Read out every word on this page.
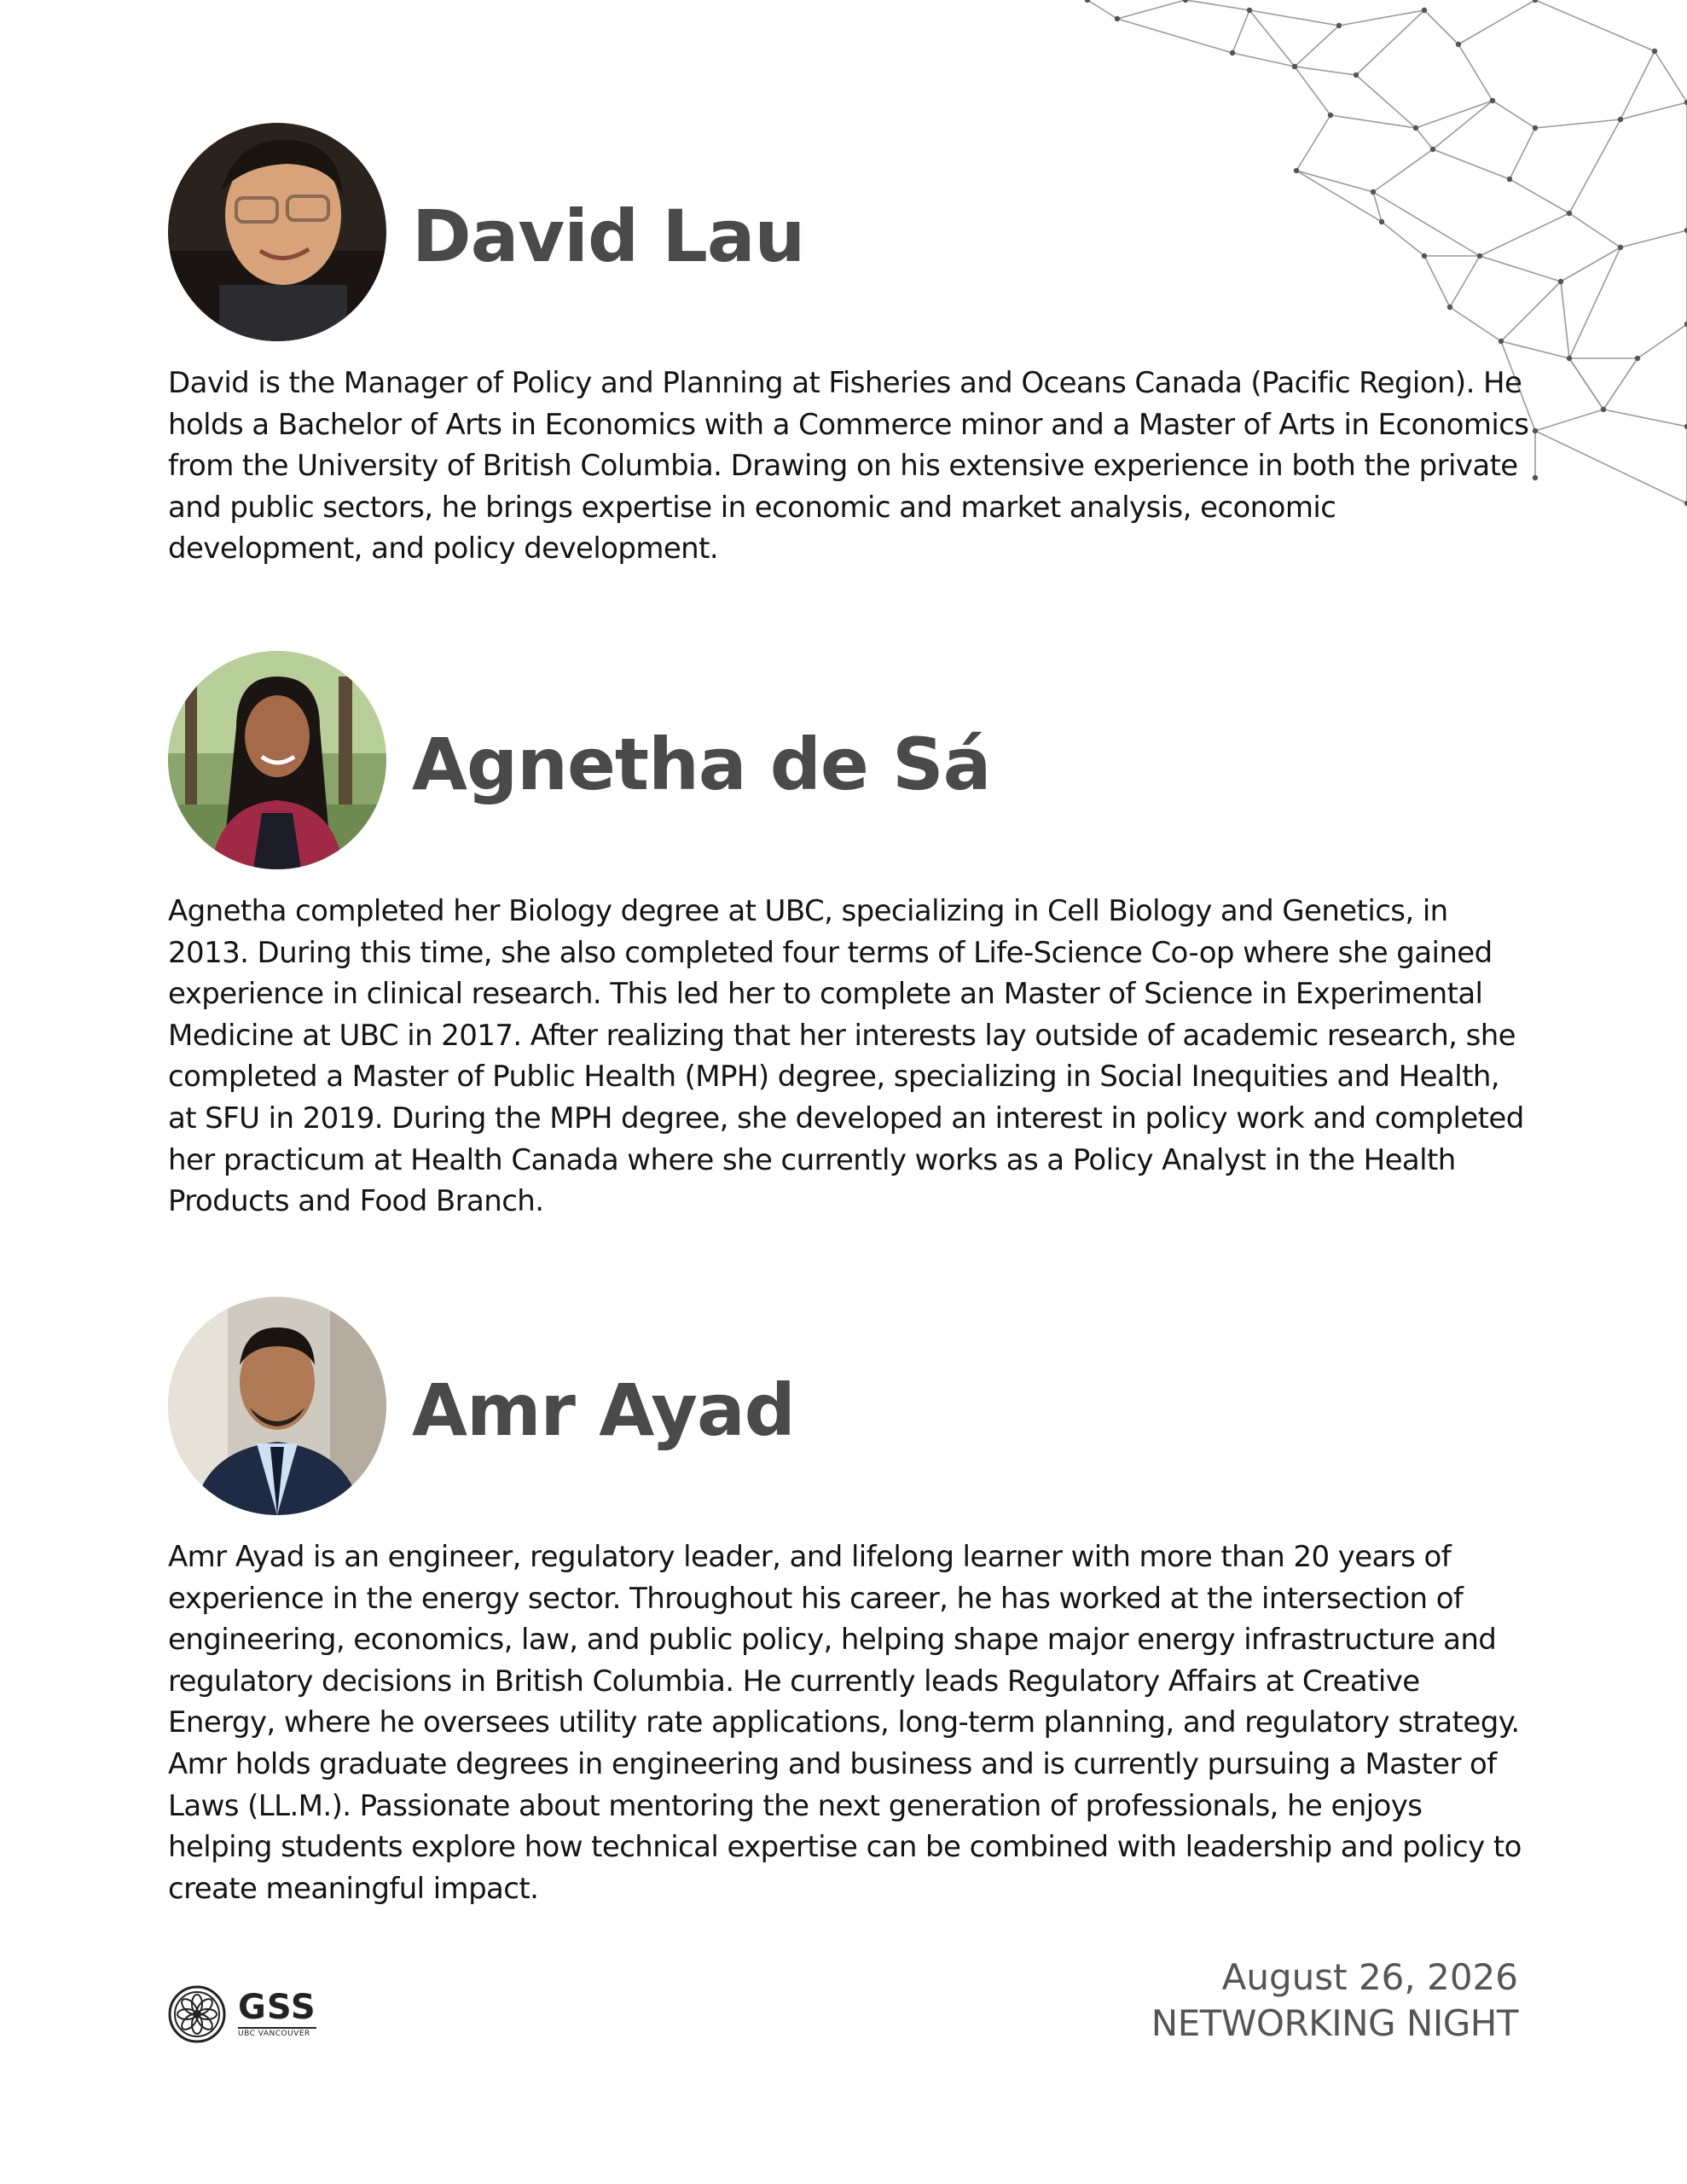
David Lau

David is the Manager of Policy and Planning at Fisheries and Oceans Canada (Pacific Region). He holds a Bachelor of Arts in Economics with a Commerce minor and a Master of Arts in Economics from the University of British Columbia. Drawing on his extensive experience in both the private and public sectors, he brings expertise in economic and market analysis, economic development, and policy development.

Agnetha de Sá

Agnetha completed her Biology degree at UBC, specializing in Cell Biology and Genetics, in 2013. During this time, she also completed four terms of Life-Science Co-op where she gained experience in clinical research. This led her to complete an Master of Science in Experimental Medicine at UBC in 2017. After realizing that her interests lay outside of academic research, she completed a Master of Public Health (MPH) degree, specializing in Social Inequities and Health, at SFU in 2019. During the MPH degree, she developed an interest in policy work and completed her practicum at Health Canada where she currently works as a Policy Analyst in the Health Products and Food Branch.

Amr Ayad

Amr Ayad is an engineer, regulatory leader, and lifelong learner with more than 20 years of experience in the energy sector. Throughout his career, he has worked at the intersection of engineering, economics, law, and public policy, helping shape major energy infrastructure and regulatory decisions in British Columbia. He currently leads Regulatory Affairs at Creative Energy, where he oversees utility rate applications, long-term planning, and regulatory strategy. Amr holds graduate degrees in engineering and business and is currently pursuing a Master of Laws (LL.M.). Passionate about mentoring the next generation of professionals, he enjoys helping students explore how technical expertise can be combined with leadership and policy to create meaningful impact.

GSS
UBC VANCOUVER
August 26, 2026
NETWORKING NIGHT
